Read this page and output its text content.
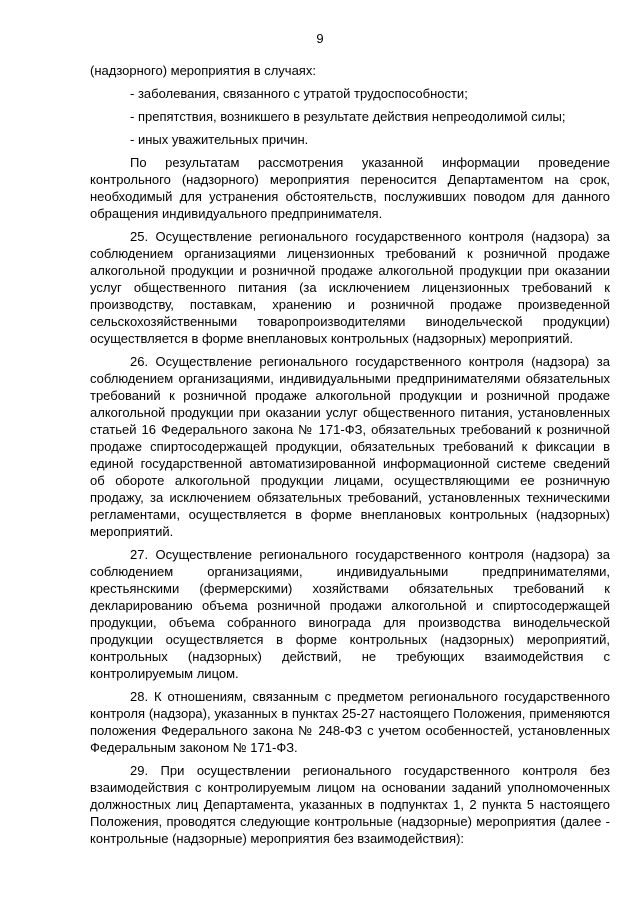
9

(надзорного) мероприятия в случаях:

- заболевания, связанного с утратой трудоспособности;

- препятствия, возникшего в результате действия непреодолимой силы;

- иных уважительных причин.

По результатам рассмотрения указанной информации проведение контрольного (надзорного) мероприятия переносится Департаментом на срок, необходимый для устранения обстоятельств, послуживших поводом для данного обращения индивидуального предпринимателя.

25. Осуществление регионального государственного контроля (надзора) за соблюдением организациями лицензионных требований к розничной продаже алкогольной продукции и розничной продаже алкогольной продукции при оказании услуг общественного питания (за исключением лицензионных требований к производству, поставкам, хранению и розничной продаже произведенной сельскохозяйственными товаропроизводителями винодельческой продукции) осуществляется в форме внеплановых контрольных (надзорных) мероприятий.

26. Осуществление регионального государственного контроля (надзора) за соблюдением организациями, индивидуальными предпринимателями обязательных требований к розничной продаже алкогольной продукции и розничной продаже алкогольной продукции при оказании услуг общественного питания, установленных статьей 16 Федерального закона № 171-ФЗ, обязательных требований к розничной продаже спиртосодержащей продукции, обязательных требований к фиксации в единой государственной автоматизированной информационной системе сведений об обороте алкогольной продукции лицами, осуществляющими ее розничную продажу, за исключением обязательных требований, установленных техническими регламентами, осуществляется в форме внеплановых контрольных (надзорных) мероприятий.

27. Осуществление регионального государственного контроля (надзора) за соблюдением организациями, индивидуальными предпринимателями, крестьянскими (фермерскими) хозяйствами обязательных требований к декларированию объема розничной продажи алкогольной и спиртосодержащей продукции, объема собранного винограда для производства винодельческой продукции осуществляется в форме контрольных (надзорных) мероприятий, контрольных (надзорных) действий, не требующих взаимодействия с контролируемым лицом.

28. К отношениям, связанным с предметом регионального государственного контроля (надзора), указанных в пунктах 25-27 настоящего Положения, применяются положения Федерального закона № 248-ФЗ с учетом особенностей, установленных Федеральным законом № 171-ФЗ.

29. При осуществлении регионального государственного контроля без взаимодействия с контролируемым лицом на основании заданий уполномоченных должностных лиц Департамента, указанных в подпунктах 1, 2 пункта 5 настоящего Положения, проводятся следующие контрольные (надзорные) мероприятия (далее - контрольные (надзорные) мероприятия без взаимодействия):
